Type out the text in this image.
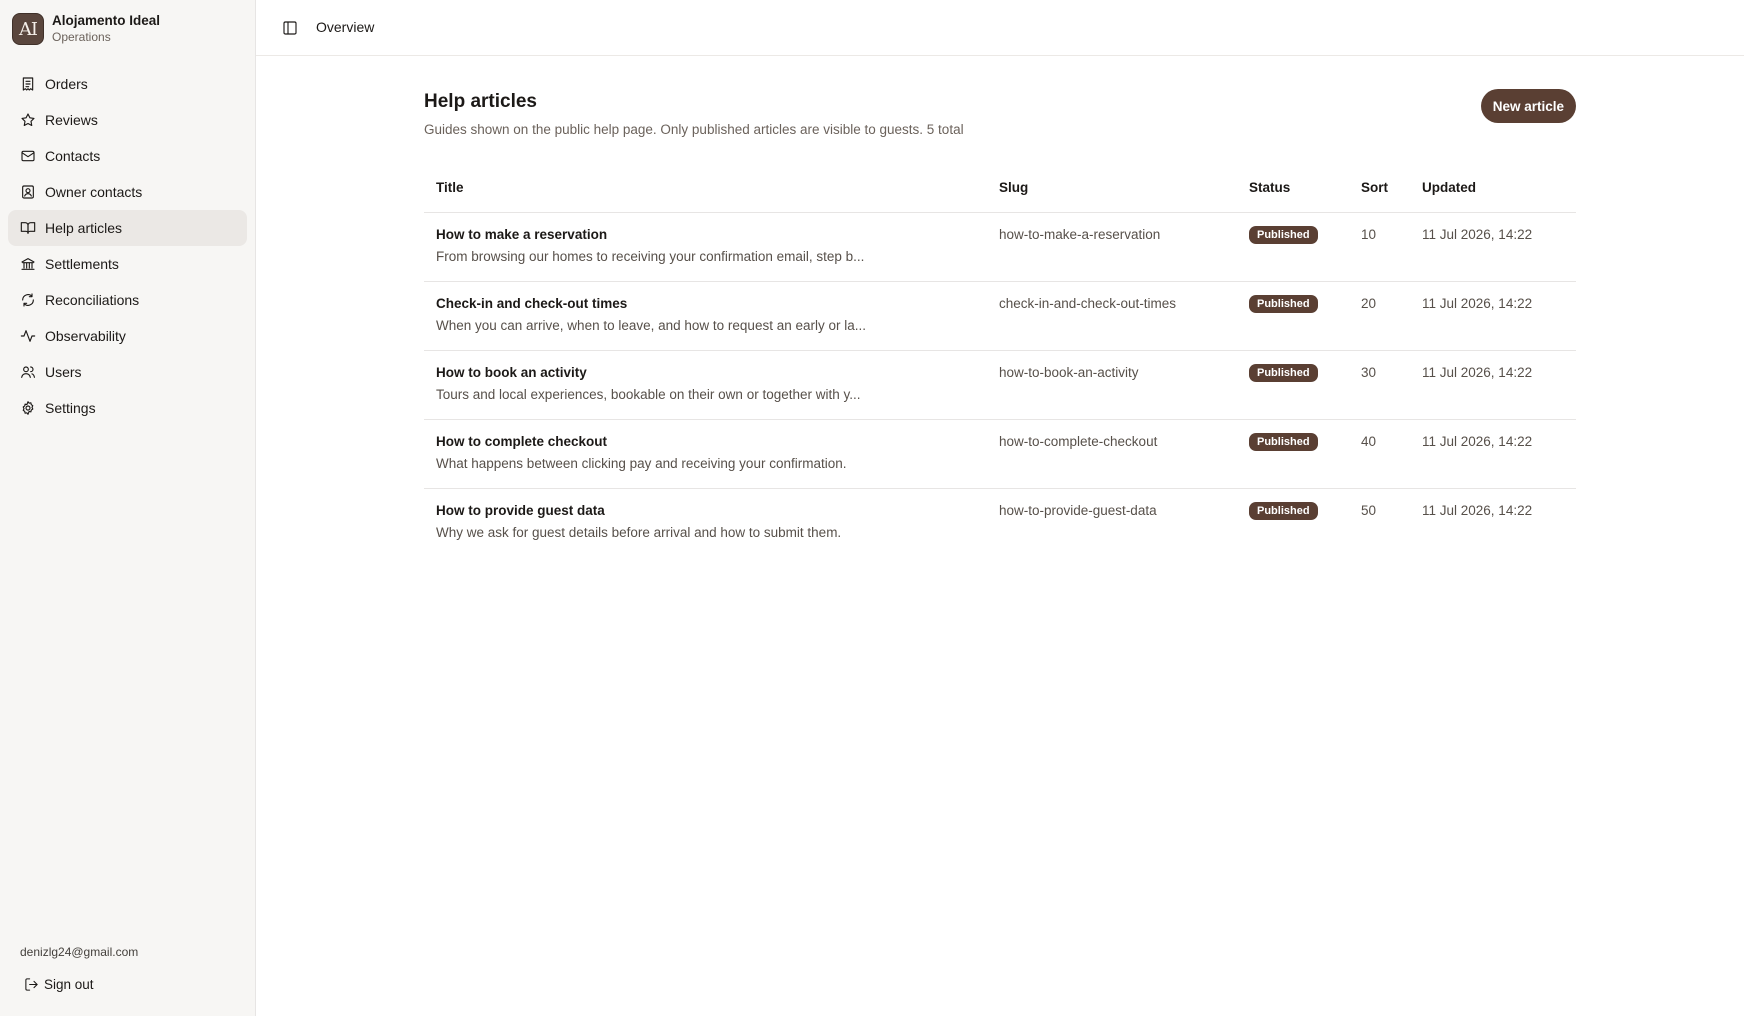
AI	Alojamento Ideal
Operations
Orders
Reviews
Contacts
Owner contacts
Help articles
Settlements
Reconciliations
Observability
Users
Settings
denizlg24@gmail.com
Sign out
Overview
Help articles

Guides shown on the public help page. Only published articles are visible to guests. 5 total

New article
Title	Slug	Status	Sort	Updated

How to make a reservation
From browsing our homes to receiving your confirmation email, step b...	how-to-make-a-reservation	Published	10	11 Jul 2026, 14:22

Check-in and check-out times
When you can arrive, when to leave, and how to request an early or la...	check-in-and-check-out-times	Published	20	11 Jul 2026, 14:22

How to book an activity
Tours and local experiences, bookable on their own or together with y...	how-to-book-an-activity	Published	30	11 Jul 2026, 14:22

How to complete checkout
What happens between clicking pay and receiving your confirmation.	how-to-complete-checkout	Published	40	11 Jul 2026, 14:22

How to provide guest data
Why we ask for guest details before arrival and how to submit them.	how-to-provide-guest-data	Published	50	11 Jul 2026, 14:22
